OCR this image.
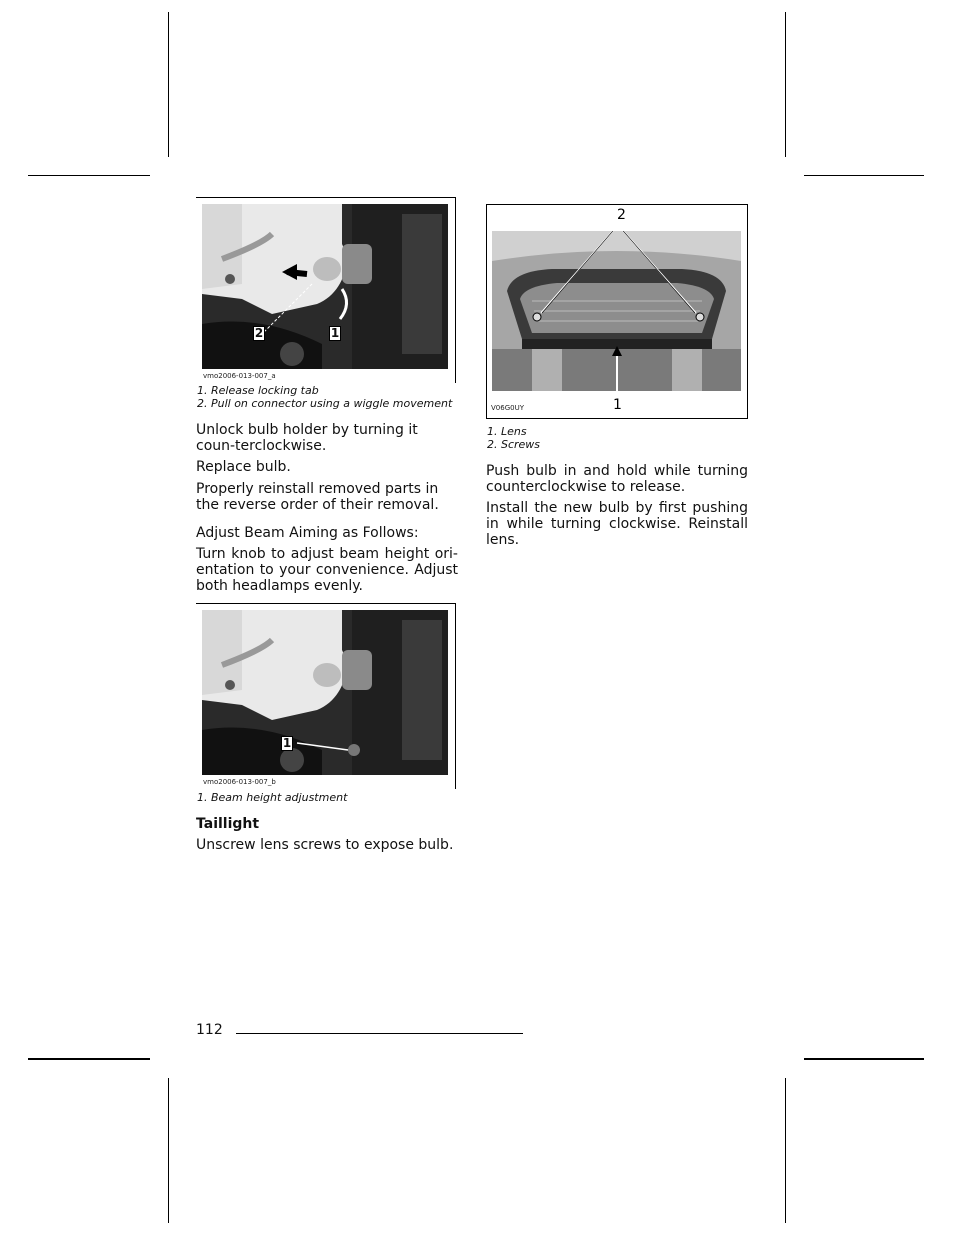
1
2
vmo2006-013-007_a
1. Release locking tab
2. Pull on connector using a wiggle movement

Unlock bulb holder by turning it coun-terclockwise.

Replace bulb.

Properly reinstall removed parts in the reverse order of their removal.

Adjust Beam Aiming as Follows:

Turn knob to adjust beam height ori-entation to your convenience. Adjust both headlamps evenly.

1
vmo2006-013-007_b
1. Beam height adjustment
Taillight

Unscrew lens screws to expose bulb.

2
1
V06G0UY
1. Lens
2. Screws

Push bulb in and hold while turning counterclockwise to release.

Install the new bulb by first pushing in while turning clockwise. Reinstall lens.

112
